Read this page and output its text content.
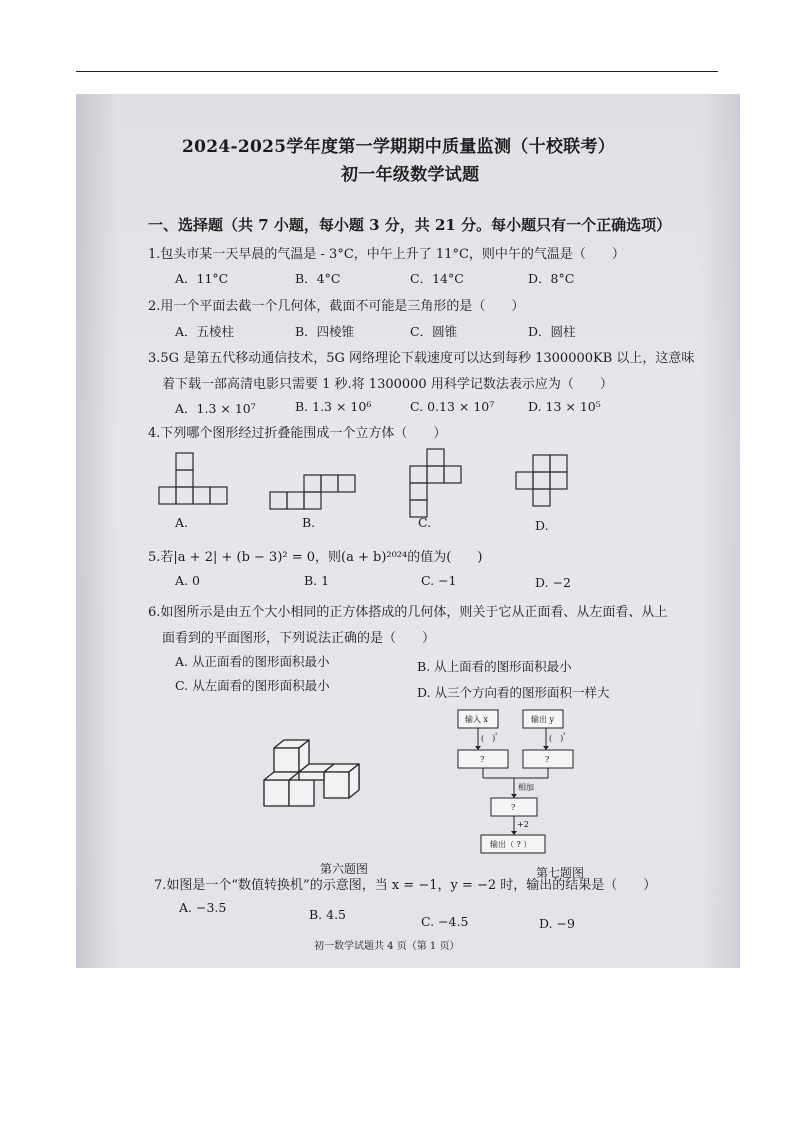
2024-2025学年度第一学期期中质量监测（十校联考）
初一年级数学试题
一、选择题（共 7 小题，每小题 3 分，共 21 分。每小题只有一个正确选项）
1.包头市某一天早晨的气温是 - 3°C，中午上升了 11°C，则中午的气温是（　　）
A．11°C	B．4°C	C．14°C	D．8°C
2.用一个平面去截一个几何体，截面不可能是三角形的是（　　）
A．五棱柱	B．四棱锥	C．圆锥	D．圆柱
3.5G 是第五代移动通信技术，5G 网络理论下载速度可以达到每秒 1300000KB 以上，这意味
着下载一部高清电影只需要 1 秒.将 1300000 用科学记数法表示应为（　　）
A．1.3 × 10⁷	B. 1.3 × 10⁶	C. 0.13 × 10⁷	D. 13 × 10⁵
4.下列哪个图形经过折叠能围成一个立方体（　　）
A.	B.	C.	D.
5.若|a + 2| + (b − 3)² = 0，则(a + b)²⁰²⁴的值为(　　)
A. 0	B. 1	C. −1	D. −2
6.如图所示是由五个大小相同的正方体搭成的几何体，则关于它从正面看、从左面看、从上
面看到的平面图形，下列说法正确的是（　　）
A. 从正面看的图形面积最小	B. 从上面看的图形面积最小
C. 从左面看的图形面积最小	D. 从三个方向看的图形面积一样大
第六题图
输入 x	输出 y
(　) ²	(　) ³
?	?
相加
?
+2
输出（ ? ）
第七题图
7.如图是一个“数值转换机”的示意图，当 x = −1，y = −2 时，输出的结果是（　　）
A. −3.5	B. 4.5	C. −4.5	D. −9
初一数学试题共 4 页（第 1 页）
